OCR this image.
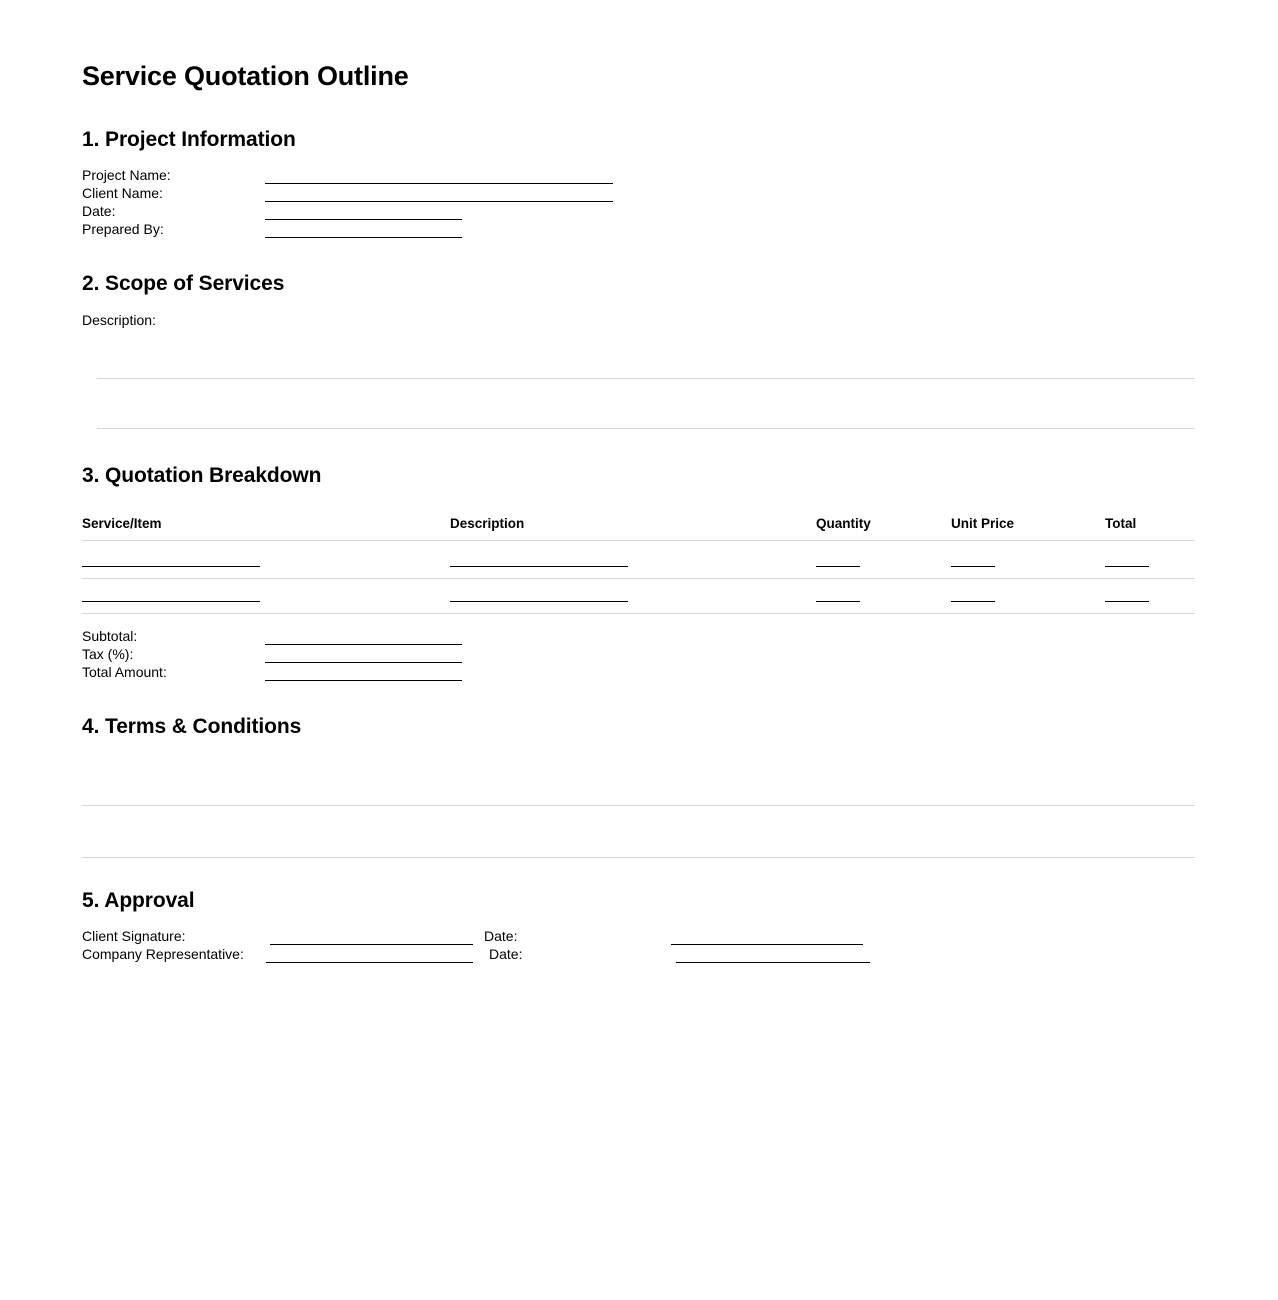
Service Quotation Outline
1. Project Information
Project Name:
Client Name:
Date:
Prepared By:
2. Scope of Services
Description:
3. Quotation Breakdown
Service/Item	Description	Quantity	Unit Price	Total
Subtotal:
Tax (%):
Total Amount:
4. Terms & Conditions
5. Approval
Client Signature:	Date:
Company Representative:	Date:
